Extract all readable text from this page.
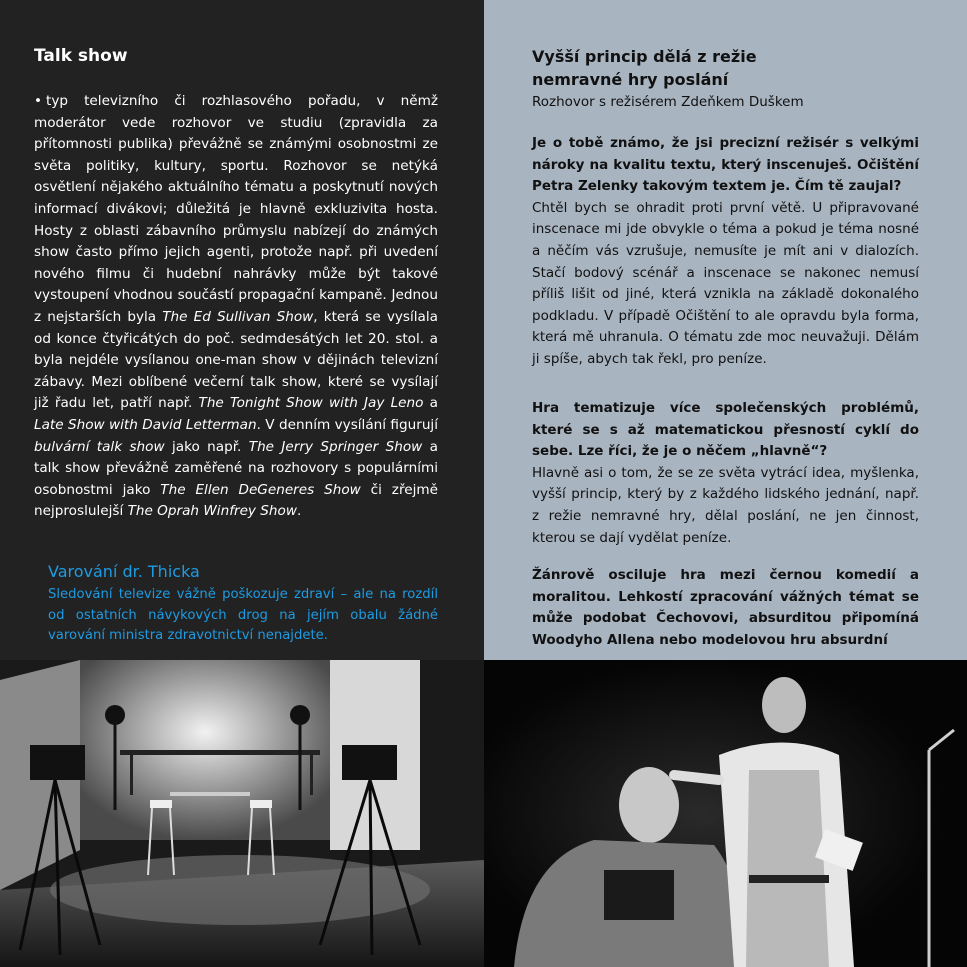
Talk show
• typ televizního či rozhlasového pořadu, v němž moderátor vede rozhovor ve studiu (zpravidla za přítomnosti publika) převážně se známými osobnostmi ze světa politiky, kultury, sportu. Rozhovor se netýká osvětlení nějakého aktuálního tématu a poskytnutí nových informací divákovi; důležitá je hlavně exkluzivita hosta. Hosty z oblasti zábavního průmyslu nabízejí do známých show často přímo jejich agenti, protože např. při uvedení nového filmu či hudební nahrávky může být takové vystoupení vhodnou součástí propagační kampaně. Jednou z nejstarších byla The Ed Sullivan Show, která se vysílala od konce čtyřicátých do poč. sedmdesátých let 20. stol. a byla nejdéle vysílanou one-man show v dějinách televizní zábavy. Mezi oblíbené večerní talk show, které se vysílají již řadu let, patří např. The Tonight Show with Jay Leno a Late Show with David Letterman. V denním vysílání figurují bulvární talk show jako např. The Jerry Springer Show a talk show převážně zaměřené na rozhovory s populárními osobnostmi jako The Ellen DeGeneres Show či zřejmě nejproslulejší The Oprah Winfrey Show.
Varování dr. Thicka
Sledování televize vážně poškozuje zdraví – ale na rozdíl od ostatních návykových drog na jejím obalu žádné varování ministra zdravotnictví nenajdete.
Vyšší princip dělá z režie
nemravné hry poslání
Rozhovor s režisérem Zdeňkem Duškem
Je o tobě známo, že jsi precizní režisér s velkými nároky na kvalitu textu, který inscenuješ. Očištění Petra Zelenky takovým textem je. Čím tě zaujal?
Chtěl bych se ohradit proti první větě. U připravované inscenace mi jde obvykle o téma a pokud je téma nosné a něčím vás vzrušuje, nemusíte je mít ani v dialozích. Stačí bodový scénář a inscenace se nakonec nemusí příliš lišit od jiné, která vznikla na základě dokonalého podkladu. V případě Očištění to ale opravdu byla forma, která mě uhranula. O tématu zde moc neuvažuji. Dělám ji spíše, abych tak řekl, pro peníze.
Hra tematizuje více společenských problémů, které se s až matematickou přesností cyklí do sebe. Lze říci, že je o něčem „hlavně“?
Hlavně asi o tom, že se ze světa vytrácí idea, myšlenka, vyšší princip, který by z každého lidského jednání, např. z režie nemravné hry, dělal poslání, ne jen činnost, kterou se dají vydělat peníze.
Žánrově osciluje hra mezi černou komedií a moralitou. Lehkostí zpracování vážných témat se může podobat Čechovovi, absurditou připomíná Woodyho Allena nebo modelovou hru absurdní
